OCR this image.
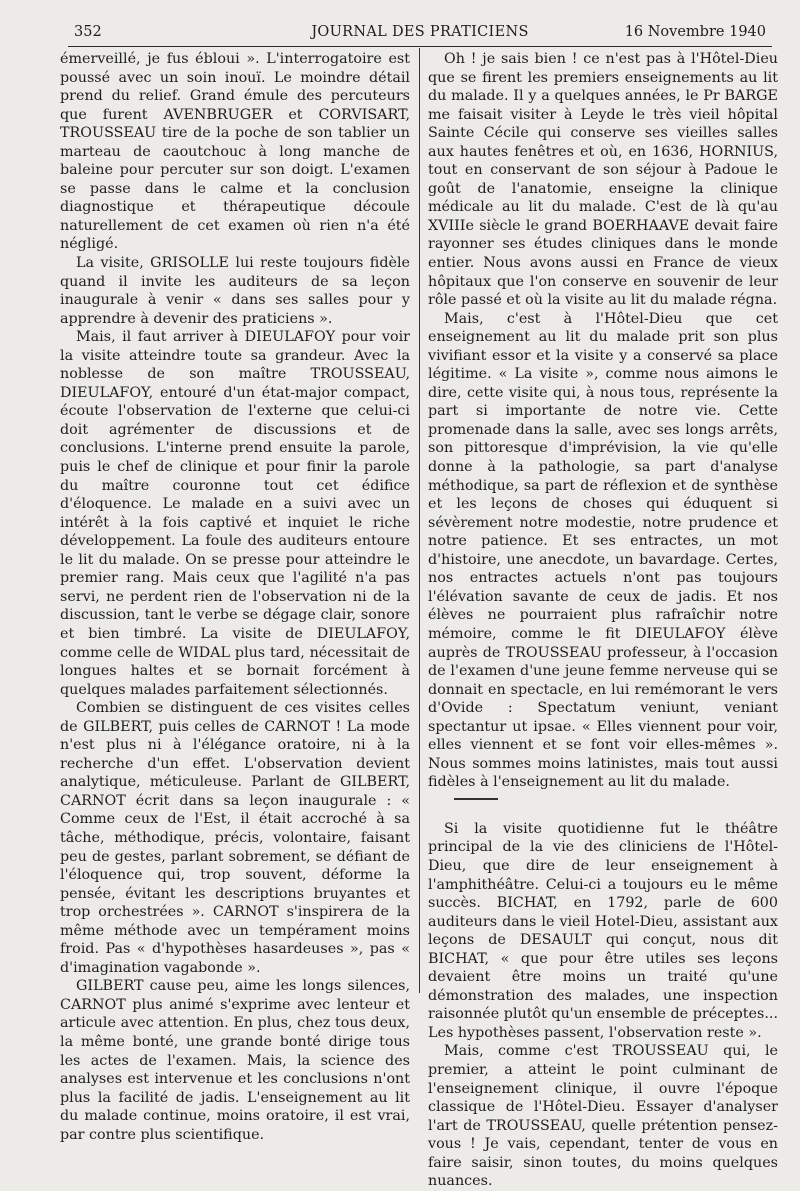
352	JOURNAL DES PRATICIENS	16 Novembre 1940

émerveillé, je fus ébloui ». L'interrogatoire est poussé avec un soin inouï. Le moindre détail prend du relief. Grand émule des percuteurs que furent AVENBRUGER et CORVISART, TROUSSEAU tire de la poche de son tablier un marteau de caoutchouc à long manche de baleine pour percuter sur son doigt. L'examen se passe dans le calme et la conclusion diagnostique et thérapeutique découle naturellement de cet examen où rien n'a été négligé.

La visite, GRISOLLE lui reste toujours fidèle quand il invite les auditeurs de sa leçon inaugurale à venir « dans ses salles pour y apprendre à devenir des praticiens ».

Mais, il faut arriver à DIEULAFOY pour voir la visite atteindre toute sa grandeur. Avec la noblesse de son maître TROUSSEAU, DIEULAFOY, entouré d'un état-major compact, écoute l'observation de l'externe que celui-ci doit agrémenter de discussions et de conclusions. L'interne prend ensuite la parole, puis le chef de clinique et pour finir la parole du maître couronne tout cet édifice d'éloquence. Le malade en a suivi avec un intérêt à la fois captivé et inquiet le riche développement. La foule des auditeurs entoure le lit du malade. On se presse pour atteindre le premier rang. Mais ceux que l'agilité n'a pas servi, ne perdent rien de l'observation ni de la discussion, tant le verbe se dégage clair, sonore et bien timbré. La visite de DIEULAFOY, comme celle de WIDAL plus tard, nécessitait de longues haltes et se bornait forcément à quelques malades parfaitement sélectionnés.

Combien se distinguent de ces visites celles de GILBERT, puis celles de CARNOT ! La mode n'est plus ni à l'élégance oratoire, ni à la recherche d'un effet. L'observation devient analytique, méticuleuse. Parlant de GILBERT, CARNOT écrit dans sa leçon inaugurale : « Comme ceux de l'Est, il était accroché à sa tâche, méthodique, précis, volontaire, faisant peu de gestes, parlant sobrement, se défiant de l'éloquence qui, trop souvent, déforme la pensée, évitant les descriptions bruyantes et trop orchestrées ». CARNOT s'inspirera de la même méthode avec un tempérament moins froid. Pas « d'hypothèses hasardeuses », pas « d'imagination vagabonde ».

GILBERT cause peu, aime les longs silences, CARNOT plus animé s'exprime avec lenteur et articule avec attention. En plus, chez tous deux, la même bonté, une grande bonté dirige tous les actes de l'examen. Mais, la science des analyses est intervenue et les conclusions n'ont plus la facilité de jadis. L'enseignement au lit du malade continue, moins oratoire, il est vrai, par contre plus scientifique.

Oh ! je sais bien ! ce n'est pas à l'Hôtel-Dieu que se firent les premiers enseignements au lit du malade. Il y a quelques années, le Pr BARGE me faisait visiter à Leyde le très vieil hôpital Sainte Cécile qui conserve ses vieilles salles aux hautes fenêtres et où, en 1636, HORNIUS, tout en conservant de son séjour à Padoue le goût de l'anatomie, enseigne la clinique médicale au lit du malade. C'est de là qu'au XVIIIe siècle le grand BOERHAAVE devait faire rayonner ses études cliniques dans le monde entier. Nous avons aussi en France de vieux hôpitaux que l'on conserve en souvenir de leur rôle passé et où la visite au lit du malade régna.

Mais, c'est à l'Hôtel-Dieu que cet enseignement au lit du malade prit son plus vivifiant essor et la visite y a conservé sa place légitime. « La visite », comme nous aimons le dire, cette visite qui, à nous tous, représente la part si importante de notre vie. Cette promenade dans la salle, avec ses longs arrêts, son pittoresque d'imprévision, la vie qu'elle donne à la pathologie, sa part d'analyse méthodique, sa part de réflexion et de synthèse et les leçons de choses qui éduquent si sévèrement notre modestie, notre prudence et notre patience. Et ses entractes, un mot d'histoire, une anecdote, un bavardage. Certes, nos entractes actuels n'ont pas toujours l'élévation savante de ceux de jadis. Et nos élèves ne pourraient plus rafraîchir notre mémoire, comme le fit DIEULAFOY élève auprès de TROUSSEAU professeur, à l'occasion de l'examen d'une jeune femme nerveuse qui se donnait en spectacle, en lui remémorant le vers d'Ovide : Spectatum veniunt, veniant spectantur ut ipsae. « Elles viennent pour voir, elles viennent et se font voir elles-mêmes ». Nous sommes moins latinistes, mais tout aussi fidèles à l'enseignement au lit du malade.

Si la visite quotidienne fut le théâtre principal de la vie des cliniciens de l'Hôtel-Dieu, que dire de leur enseignement à l'amphithéâtre. Celui-ci a toujours eu le même succès. BICHAT, en 1792, parle de 600 auditeurs dans le vieil Hotel-Dieu, assistant aux leçons de DESAULT qui conçut, nous dit BICHAT, « que pour être utiles ses leçons devaient être moins un traité qu'une démonstration des malades, une inspection raisonnée plutôt qu'un ensemble de préceptes... Les hypothèses passent, l'observation reste ».

Mais, comme c'est TROUSSEAU qui, le premier, a atteint le point culminant de l'enseignement clinique, il ouvre l'époque classique de l'Hôtel-Dieu. Essayer d'analyser l'art de TROUSSEAU, quelle prétention pensez-vous ! Je vais, cependant, tenter de vous en faire saisir, sinon toutes, du moins quelques nuances.
